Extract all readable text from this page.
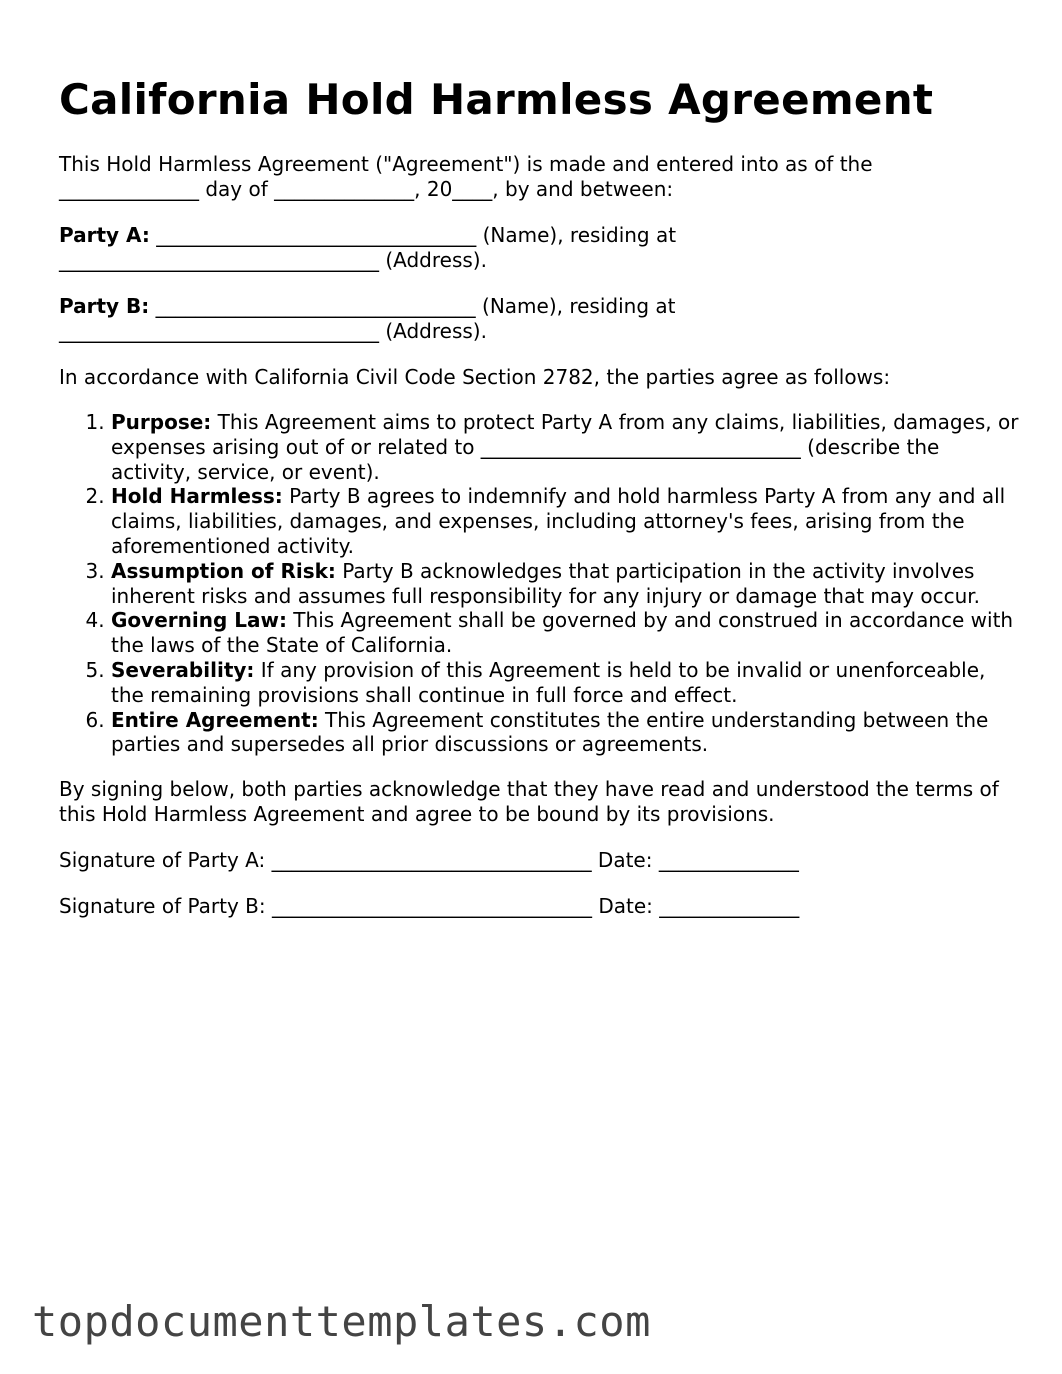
California Hold Harmless Agreement

This Hold Harmless Agreement ("Agreement") is made and entered into as of the
______________ day of ______________, 20____, by and between:

Party A: ________________________________ (Name), residing at
________________________________ (Address).

Party B: ________________________________ (Name), residing at
________________________________ (Address).

In accordance with California Civil Code Section 2782, the parties agree as follows:

1. Purpose: This Agreement aims to protect Party A from any claims, liabilities, damages, or expenses arising out of or related to ________________________________ (describe the activity, service, or event).
2. Hold Harmless: Party B agrees to indemnify and hold harmless Party A from any and all claims, liabilities, damages, and expenses, including attorney's fees, arising from the aforementioned activity.
3. Assumption of Risk: Party B acknowledges that participation in the activity involves inherent risks and assumes full responsibility for any injury or damage that may occur.
4. Governing Law: This Agreement shall be governed by and construed in accordance with the laws of the State of California.
5. Severability: If any provision of this Agreement is held to be invalid or unenforceable, the remaining provisions shall continue in full force and effect.
6. Entire Agreement: This Agreement constitutes the entire understanding between the parties and supersedes all prior discussions or agreements.

By signing below, both parties acknowledge that they have read and understood the terms of this Hold Harmless Agreement and agree to be bound by its provisions.

Signature of Party A: ________________________________ Date: ______________

Signature of Party B: ________________________________ Date: ______________

topdocumenttemplates.com
